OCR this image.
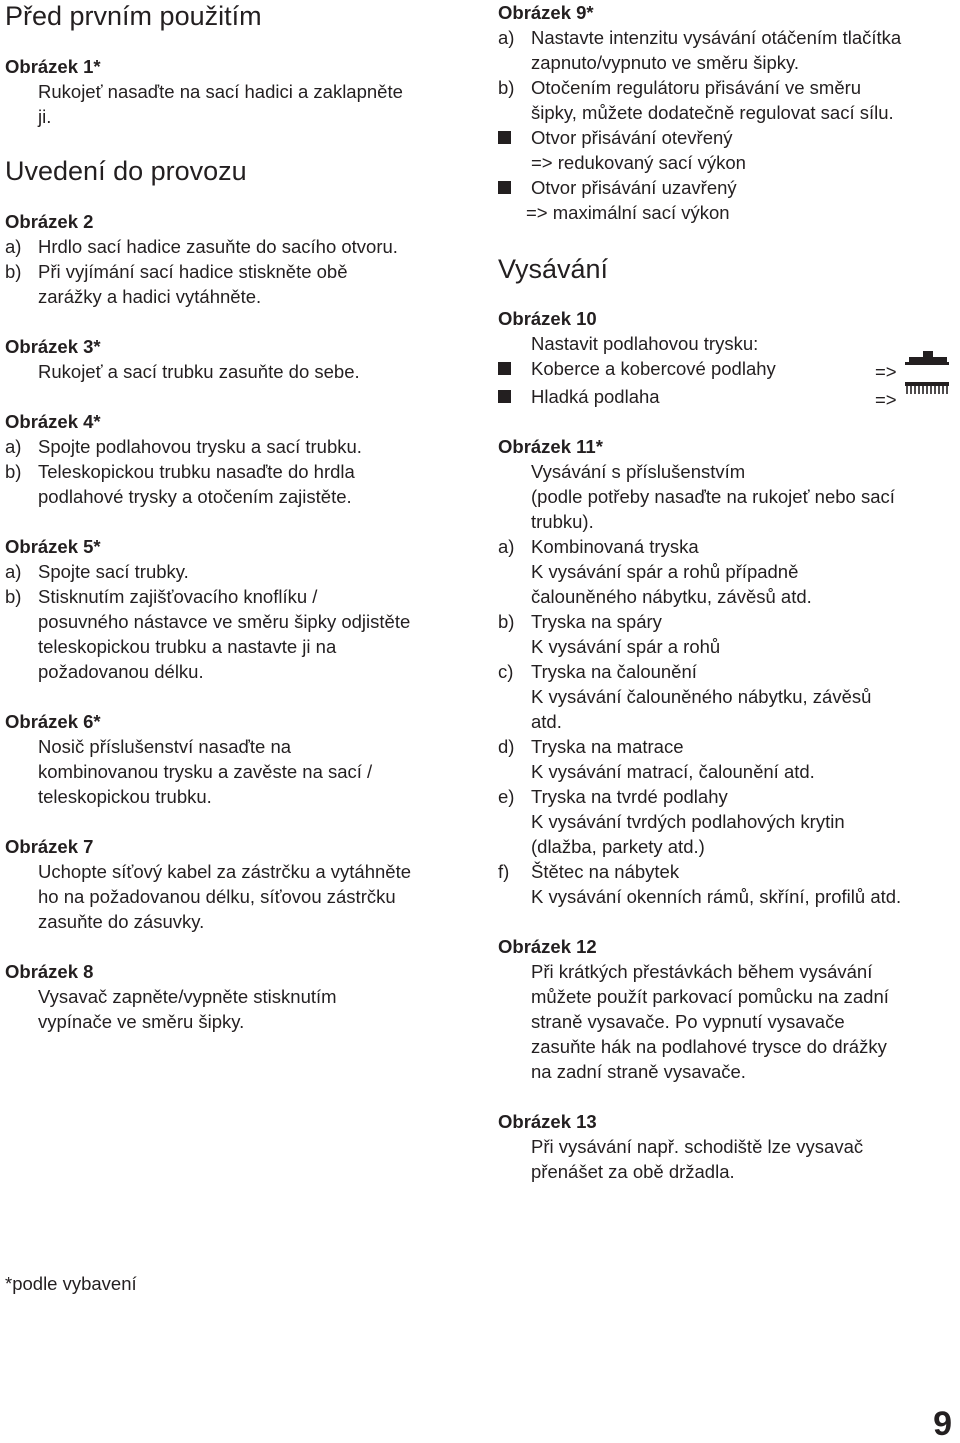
Před prvním použitím
Obrázek 1*
Rukojeť nasaďte na sací hadici a zaklapněte
ji.
Uvedení do provozu
Obrázek 2
a) Hrdlo sací hadice zasuňte do sacího otvoru.
b) Při vyjímání sací hadice stiskněte obě
zarážky a hadici vytáhněte.
Obrázek 3*
Rukojeť a sací trubku zasuňte do sebe.
Obrázek 4*
a) Spojte podlahovou trysku a sací trubku.
b) Teleskopickou trubku nasaďte do hrdla
podlahové trysky a otočením zajistěte.
Obrázek 5*
a) Spojte sací trubky.
b) Stisknutím zajišťovacího knoflíku /
posuvného nástavce ve směru šipky odjistěte
teleskopickou trubku a nastavte ji na
požadovanou délku.
Obrázek 6*
Nosič příslušenství nasaďte na
kombinovanou trysku a zavěste na sací /
teleskopickou trubku.
Obrázek 7
Uchopte síťový kabel za zástrčku a vytáhněte
ho na požadovanou délku, síťovou zástrčku
zasuňte do zásuvky.
Obrázek 8
Vysavač zapněte/vypněte stisknutím
vypínače ve směru šipky.
Obrázek 9*
a) Nastavte intenzitu vysávání otáčením tlačítka
zapnuto/vypnuto ve směru šipky.
b) Otočením regulátoru přisávání ve směru
šipky, můžete dodatečně regulovat sací sílu.
Otvor přisávání otevřený
=> redukovaný sací výkon
Otvor přisávání uzavřený
=> maximální sací výkon
Vysávání
Obrázek 10
Nastavit podlahovou trysku:
Koberce a kobercové podlahy	=>
Hladká podlaha	=>
Obrázek 11*
Vysávání s příslušenstvím
(podle potřeby nasaďte na rukojeť nebo sací
trubku).
a) Kombinovaná tryska
K vysávání spár a rohů případně
čalouněného nábytku, závěsů atd.
b) Tryska na spáry
K vysávání spár a rohů
c) Tryska na čalounění
K vysávání čalouněného nábytku, závěsů
atd.
d) Tryska na matrace
K vysávání matrací, čalounění atd.
e) Tryska na tvrdé podlahy
K vysávání tvrdých podlahových krytin
(dlažba, parkety atd.)
f)	Štětec na nábytek
K vysávání okenních rámů, skříní, profilů atd.
Obrázek 12
Při krátkých přestávkách během vysávání
můžete použít parkovací pomůcku na zadní
straně vysavače. Po vypnutí vysavače
zasuňte hák na podlahové trysce do drážky
na zadní straně vysavače.
Obrázek 13
Při vysávání např. schodiště lze vysavač
přenášet za obě držadla.
*podle vybavení
9
